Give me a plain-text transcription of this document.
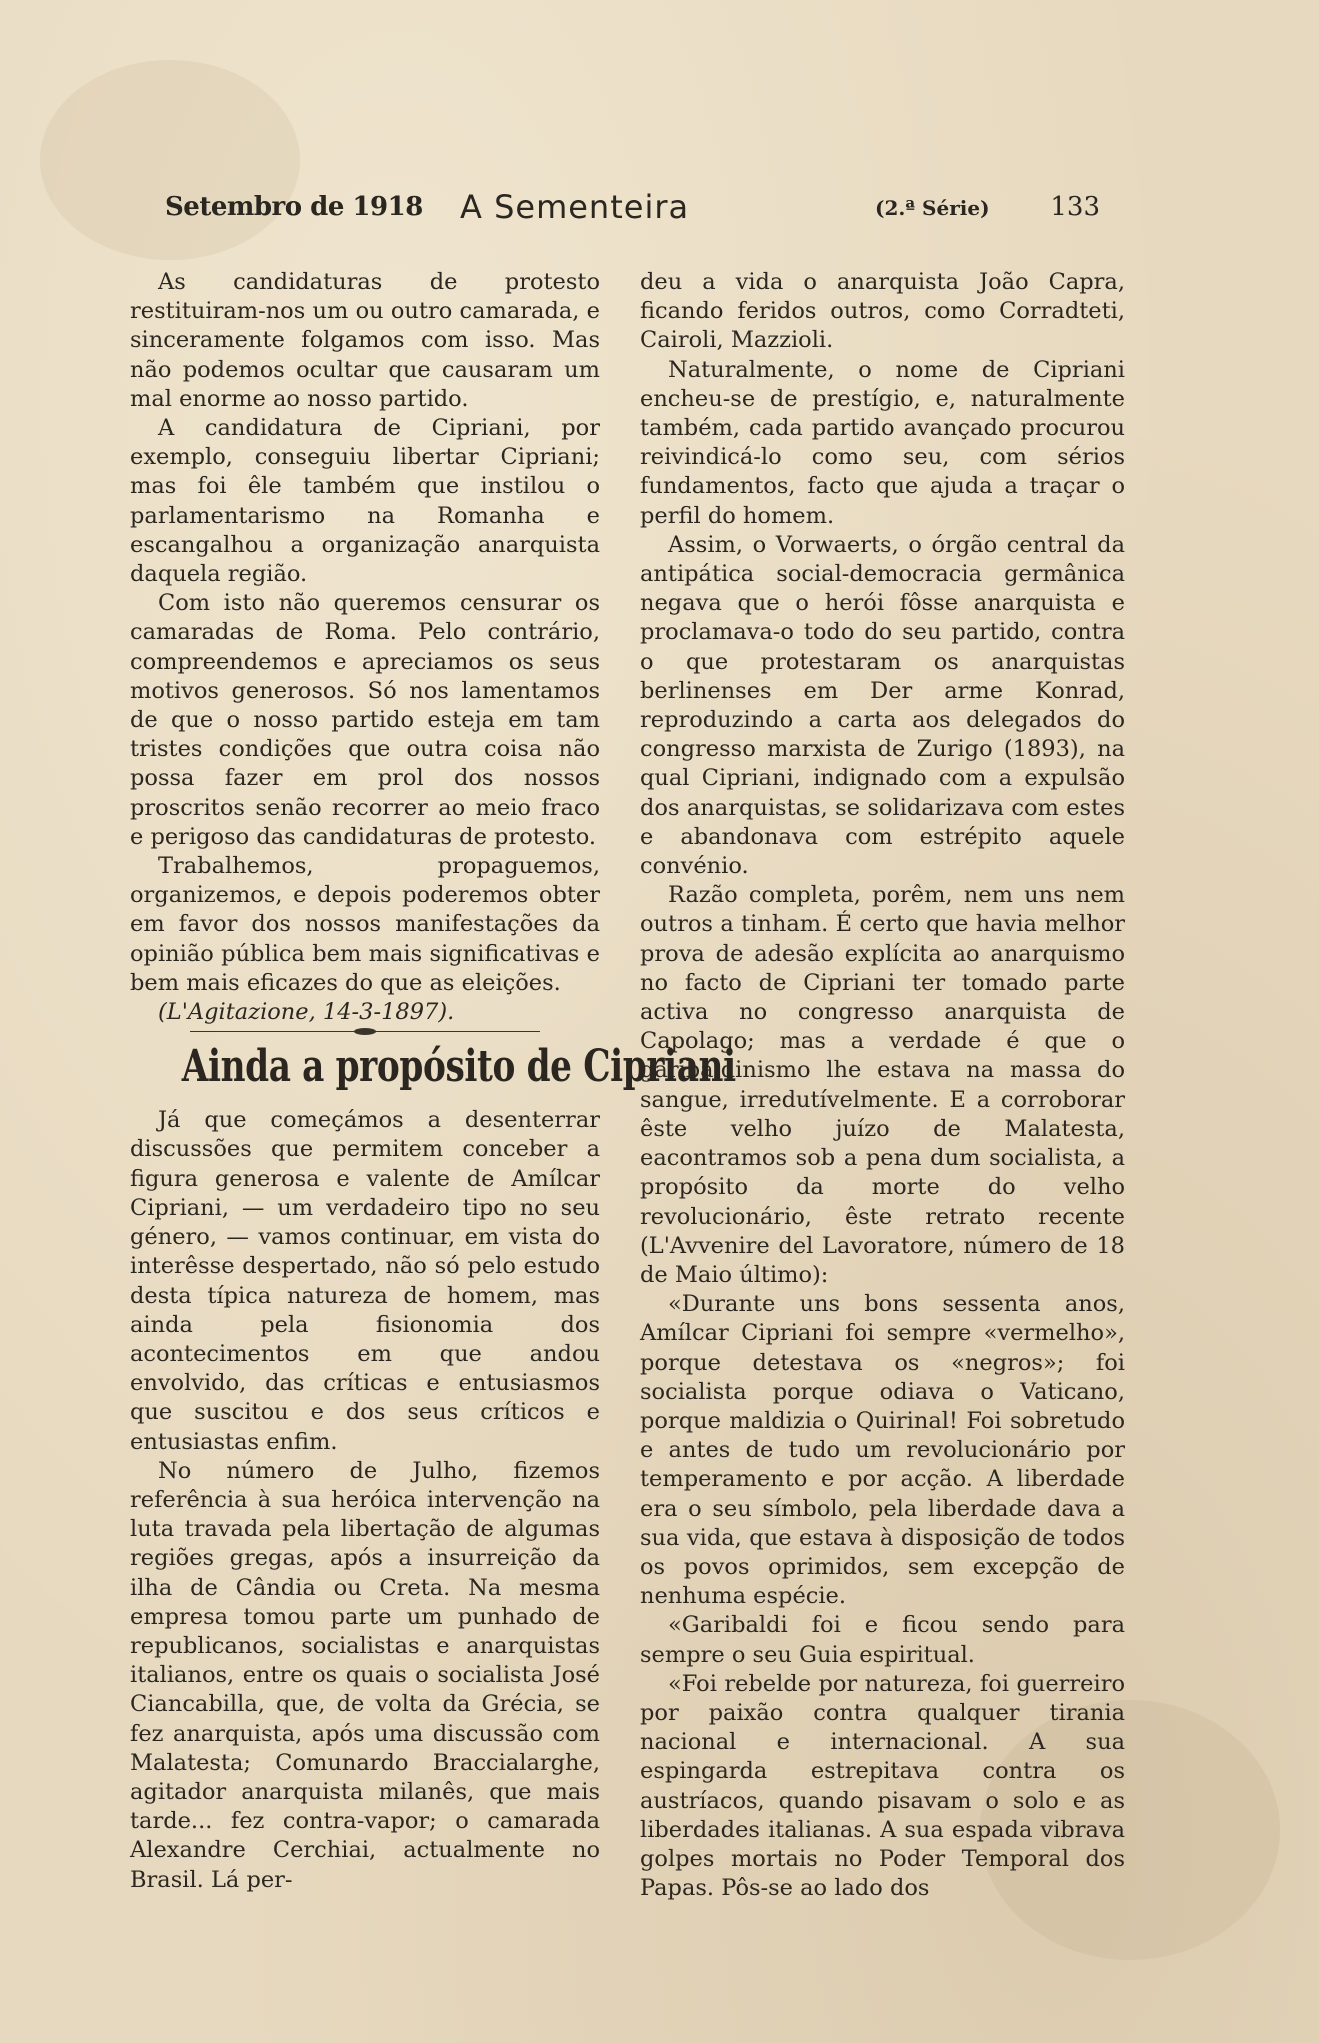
Setembro de 1918 A Sementeira	(2.ª Série) 133

As candidaturas de protesto restituiram-nos um ou outro camarada, e sinceramente folgamos com isso. Mas não podemos ocultar que causaram um mal enorme ao nosso partido.

A candidatura de Cipriani, por exemplo, conseguiu libertar Cipriani; mas foi êle também que instilou o parlamentarismo na Romanha e escangalhou a organização anarquista daquela região.

Com isto não queremos censurar os camaradas de Roma. Pelo contrário, compreendemos e apreciamos os seus motivos generosos. Só nos lamentamos de que o nosso partido esteja em tam tristes condições que outra coisa não possa fazer em prol dos nossos proscritos senão recorrer ao meio fraco e perigoso das candidaturas de protesto.

Trabalhemos, propaguemos, organizemos, e depois poderemos obter em favor dos nossos manifestações da opinião pública bem mais significativas e bem mais eficazes do que as eleições.

(L'Agitazione, 14-3-1897).

Ainda a propósito de Cipriani

Já que começámos a desenterrar discussões que permitem conceber a figura generosa e valente de Amílcar Cipriani, — um verdadeiro tipo no seu género, — vamos continuar, em vista do interêsse despertado, não só pelo estudo desta típica natureza de homem, mas ainda pela fisionomia dos acontecimentos em que andou envolvido, das críticas e entusiasmos que suscitou e dos seus críticos e entusiastas enfim.

No número de Julho, fizemos referência à sua heróica intervenção na luta travada pela libertação de algumas regiões gregas, após a insurreição da ilha de Cândia ou Creta. Na mesma empresa tomou parte um punhado de republicanos, socialistas e anarquistas italianos, entre os quais o socialista José Ciancabilla, que, de volta da Grécia, se fez anarquista, após uma discussão com Malatesta; Comunardo Braccialarghe, agitador anarquista milanês, que mais tarde... fez contra-vapor; o camarada Alexandre Cerchiai, actualmente no Brasil. Lá per-

deu a vida o anarquista João Capra, ficando feridos outros, como Corradteti, Cairoli, Mazzioli.

Naturalmente, o nome de Cipriani encheu-se de prestígio, e, naturalmente também, cada partido avançado procurou reivindicá-lo como seu, com sérios fundamentos, facto que ajuda a traçar o perfil do homem.

Assim, o Vorwaerts, o órgão central da antipática social-democracia germânica negava que o herói fôsse anarquista e proclamava-o todo do seu partido, contra o que protestaram os anarquistas berlinenses em Der arme Konrad, reproduzindo a carta aos delegados do congresso marxista de Zurigo (1893), na qual Cipriani, indignado com a expulsão dos anarquistas, se solidarizava com estes e abandonava com estrépito aquele convénio.

Razão completa, porêm, nem uns nem outros a tinham. É certo que havia melhor prova de adesão explícita ao anarquismo no facto de Cipriani ter tomado parte activa no congresso anarquista de Capolago; mas a verdade é que o garibaldinismo lhe estava na massa do sangue, irredutívelmente. E a corroborar êste velho juízo de Malatesta, eacontramos sob a pena dum socialista, a propósito da morte do velho revolucionário, êste retrato recente (L'Avvenire del Lavoratore, número de 18 de Maio último):

«Durante uns bons sessenta anos, Amílcar Cipriani foi sempre «vermelho», porque detestava os «negros»; foi socialista porque odiava o Vaticano, porque maldizia o Quirinal! Foi sobretudo e antes de tudo um revolucionário por temperamento e por acção. A liberdade era o seu símbolo, pela liberdade dava a sua vida, que estava à disposição de todos os povos oprimidos, sem excepção de nenhuma espécie.

«Garibaldi foi e ficou sendo para sempre o seu Guia espiritual.

«Foi rebelde por natureza, foi guerreiro por paixão contra qualquer tirania nacional e internacional. A sua espingarda estrepitava contra os austríacos, quando pisavam o solo e as liberdades italianas. A sua espada vibrava golpes mortais no Poder Temporal dos Papas. Pôs-se ao lado dos
